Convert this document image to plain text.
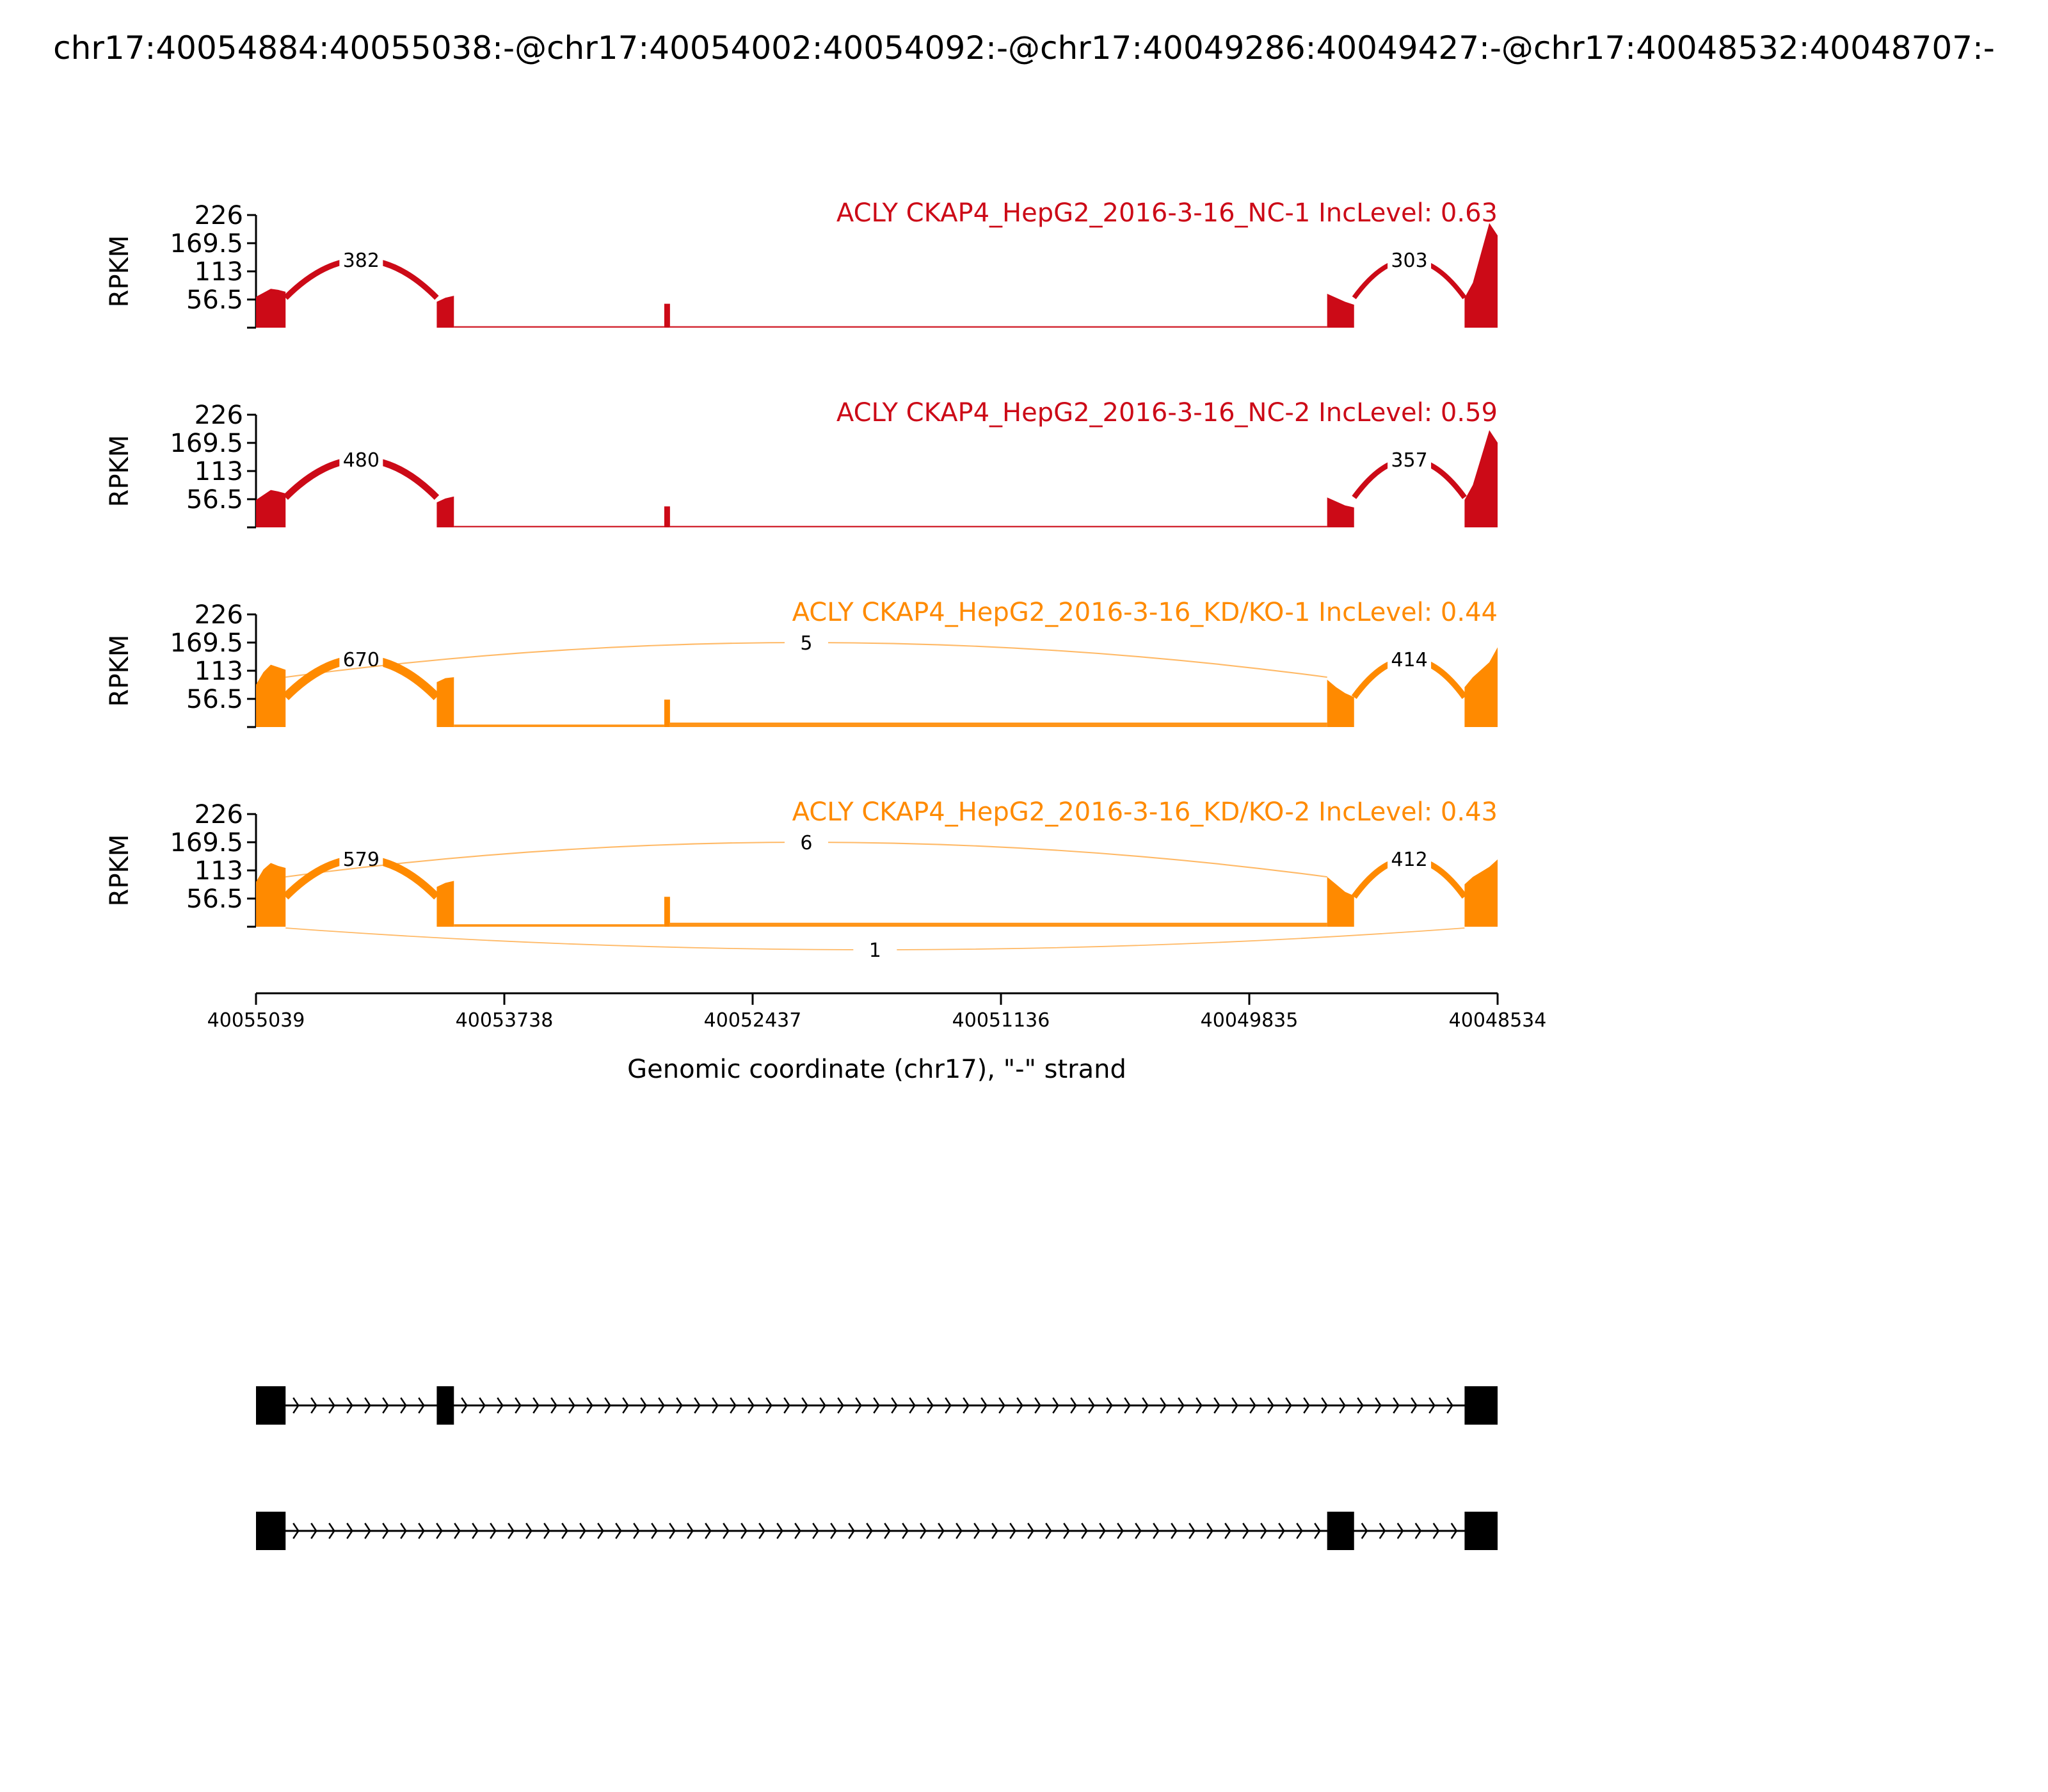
chr17:40054884:40055038:-@chr17:40054002:40054092:-@chr17:40049286:40049427:-@chr17:40048532:40048707:-
ACLY CKAP4_HepG2_2016-3-16_NC-1 IncLevel: 0.63
226
169.5
113
56.5
RPKM	382	303
ACLY CKAP4_HepG2_2016-3-16_NC-2 IncLevel: 0.59
226
169.5
113
56.5
RPKM	480	357
ACLY CKAP4_HepG2_2016-3-16_KD/KO-1 IncLevel: 0.44
226
169.5
113
56.5
RPKM	670	414
5
ACLY CKAP4_HepG2_2016-3-16_KD/KO-2 IncLevel: 0.43
226
169.5
113
56.5
RPKM	579	412
6
1
40055039	40053738	40052437	40051136	40049835	40048534
Genomic coordinate (chr17), "-" strand
